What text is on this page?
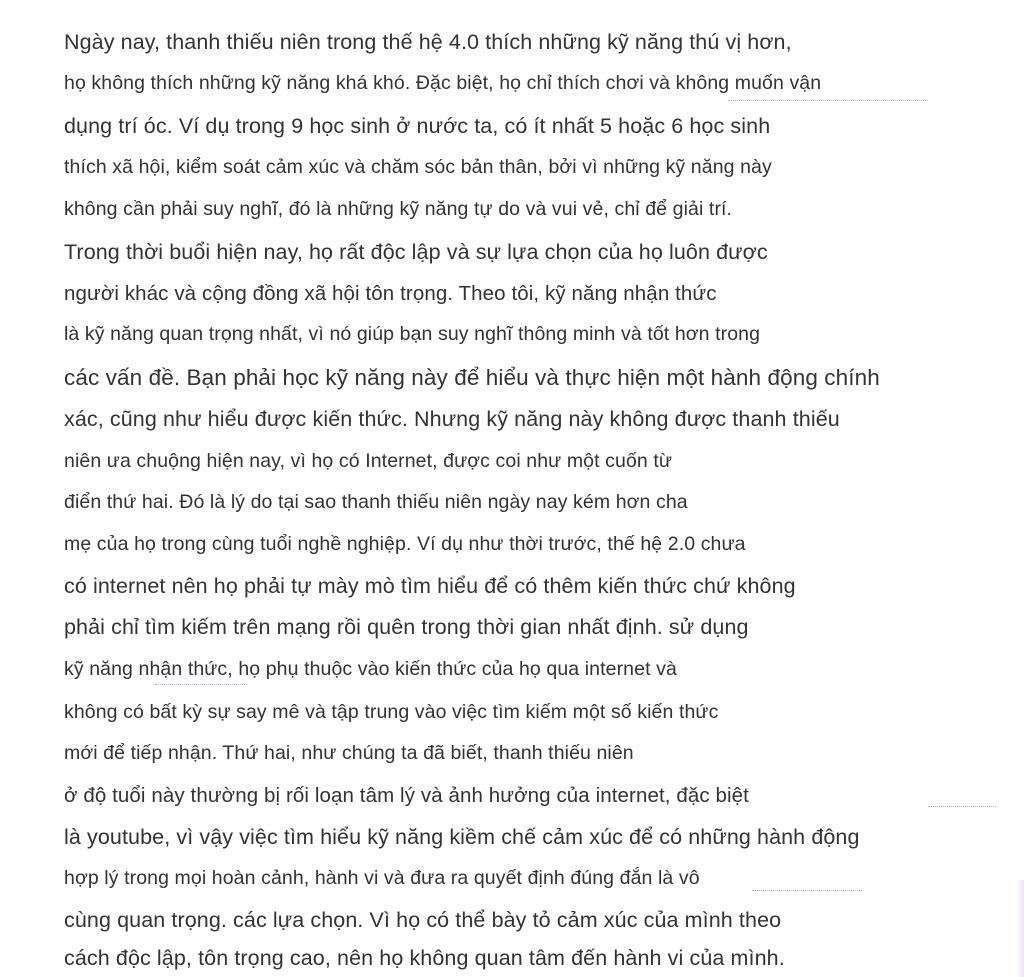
Ngày nay, thanh thiếu niên trong thế hệ 4.0 thích những kỹ năng thú vị hơn,
họ không thích những kỹ năng khá khó. Đặc biệt, họ chỉ thích chơi và không muốn vận
dụng trí óc. Ví dụ trong 9 học sinh ở nước ta, có ít nhất 5 hoặc 6 học sinh
thích xã hội, kiểm soát cảm xúc và chăm sóc bản thân, bởi vì những kỹ năng này
không cần phải suy nghĩ, đó là những kỹ năng tự do và vui vẻ, chỉ để giải trí.
Trong thời buổi hiện nay, họ rất độc lập và sự lựa chọn của họ luôn được
người khác và cộng đồng xã hội tôn trọng. Theo tôi, kỹ năng nhận thức
là kỹ năng quan trọng nhất, vì nó giúp bạn suy nghĩ thông minh và tốt hơn trong
các vấn đề. Bạn phải học kỹ năng này để hiểu và thực hiện một hành động chính
xác, cũng như hiểu được kiến thức. Nhưng kỹ năng này không được thanh thiếu
niên ưa chuộng hiện nay, vì họ có Internet, được coi như một cuốn từ
điển thứ hai. Đó là lý do tại sao thanh thiếu niên ngày nay kém hơn cha
mẹ của họ trong cùng tuổi nghề nghiệp. Ví dụ như thời trước, thế hệ 2.0 chưa
có internet nên họ phải tự mày mò tìm hiểu để có thêm kiến thức chứ không
phải chỉ tìm kiếm trên mạng rồi quên trong thời gian nhất định. sử dụng
kỹ năng nhận thức, họ phụ thuộc vào kiến thức của họ qua internet và
không có bất kỳ sự say mê và tập trung vào việc tìm kiếm một số kiến thức
mới để tiếp nhận. Thứ hai, như chúng ta đã biết, thanh thiếu niên
ở độ tuổi này thường bị rối loạn tâm lý và ảnh hưởng của internet, đặc biệt
là youtube, vì vậy việc tìm hiểu kỹ năng kiềm chế cảm xúc để có những hành động
hợp lý trong mọi hoàn cảnh, hành vi và đưa ra quyết định đúng đắn là vô
cùng quan trọng. các lựa chọn. Vì họ có thể bày tỏ cảm xúc của mình theo
cách độc lập, tôn trọng cao, nên họ không quan tâm đến hành vi của mình.
